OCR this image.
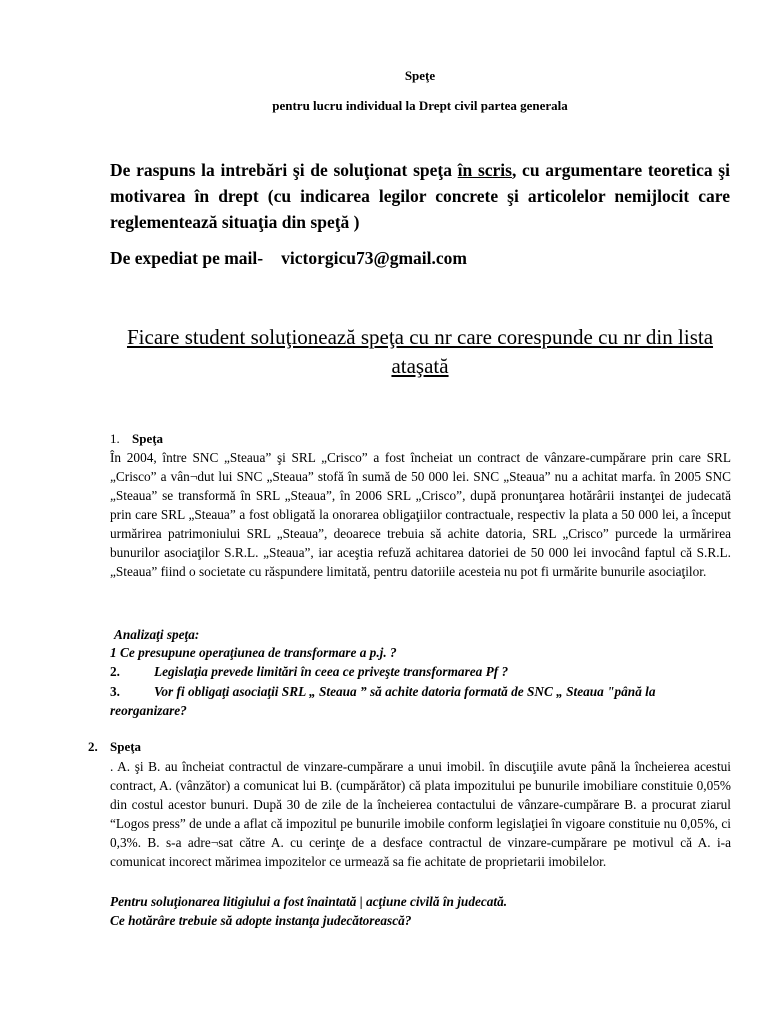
Speţe
pentru lucru individual la Drept civil partea generala
De raspuns la intrebări şi de soluţionat speţa în scris, cu argumentare teoretica şi motivarea în drept (cu indicarea legilor concrete şi articolelor nemijlocit care reglementează situaţia din speţă )
De expediat pe mail- victorgicu73@gmail.com
Ficare student soluţionează speţa cu nr care corespunde cu nr din lista ataşată
1. Speţa
În 2004, între SNC „Steaua” şi SRL „Crisco” a fost încheiat un contract de vânzare-cumpărare prin care SRL „Crisco” a vân¬dut lui SNC „Steaua” stofă în sumă de 50 000 lei. SNC „Steaua” nu a achitat marfa. în 2005 SNC „Steaua” se transformă în SRL „Steaua”, în 2006 SRL „Crisco”, după pronunţarea hotărârii instanţei de judecată prin care SRL „Steaua” a fost obligată la onorarea obligaţiilor contractuale, respectiv la plata a 50 000 lei, a început urmărirea patrimoniului SRL „Steaua”, deoarece trebuia să achite datoria, SRL „Crisco” purcede la urmărirea bunurilor asociaţilor S.R.L. „Steaua”, iar aceştia refuză achitarea datoriei de 50 000 lei invocând faptul că S.R.L. „Steaua” fiind o societate cu răspundere limitată, pentru datoriile acesteia nu pot fi urmărite bunurile asociaţilor.
Analizaţi speţa:
1 Ce presupune operaţiunea de transformare a p.j. ?
2.	Legislaţia prevede limitări în ceea ce priveşte transformarea Pf ?
3.	Vor fi obligaţi asociaţii SRL „ Steaua ” să achite datoria formată de SNC „ Steaua "până la reorganizare?
2. Speţa
. A. şi B. au încheiat contractul de vinzare-cumpărare a unui imobil. în discuţiile avute până la încheierea acestui contract, A. (vânzător) a comunicat lui B. (cumpărător) că plata impozitului pe bunurile imobiliare constituie 0,05% din costul acestor bunuri. După 30 de zile de la încheierea contactului de vânzare-cumpărare B. a procurat ziarul “Logos press” de unde a aflat că impozitul pe bunurile imobile conform legislaţiei în vigoare constituie nu 0,05%, ci 0,3%. B. s-a adre¬sat către A. cu cerinţe de a desface contractul de vinzare-cumpărare pe motivul că A. i-a comunicat incorect mărimea impozitelor ce urmează sa fie achitate de proprietarii imobilelor.
Pentru soluţionarea litigiului a fost înaintată | acţiune civilă în judecată.
Ce hotărâre trebuie să adopte instanţa judecătorească?
